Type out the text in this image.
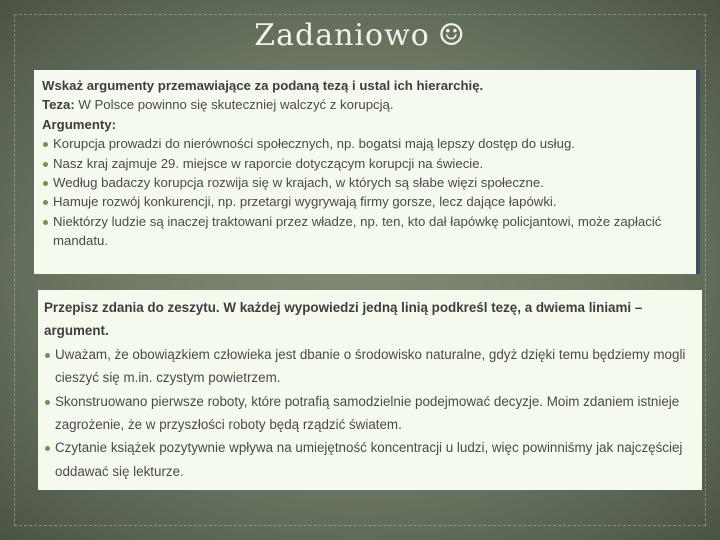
Zadaniowo ☺
Wskaż argumenty przemawiające za podaną tezą i ustal ich hierarchię.
Teza: W Polsce powinno się skuteczniej walczyć z korupcją.
Argumenty:
Korupcja prowadzi do nierówności społecznych, np. bogatsi mają lepszy dostęp do usług.
Nasz kraj zajmuje 29. miejsce w raporcie dotyczącym korupcji na świecie.
Według badaczy korupcja rozwija się w krajach, w których są słabe więzi społeczne.
Hamuje rozwój konkurencji, np. przetargi wygrywają firmy gorsze, lecz dające łapówki.
Niektórzy ludzie są inaczej traktowani przez władze, np. ten, kto dał łapówkę policjantowi, może zapłacić mandatu.
Przepisz zdania do zeszytu. W każdej wypowiedzi jedną linią podkreśl tezę, a dwiema liniami – argument.
Uważam, że obowiązkiem człowieka jest dbanie o środowisko naturalne, gdyż dzięki temu będziemy mogli cieszyć się m.in. czystym powietrzem.
Skonstruowano pierwsze roboty, które potrafią samodzielnie podejmować decyzje. Moim zdaniem istnieje zagrożenie, że w przyszłości roboty będą rządzić światem.
Czytanie książek pozytywnie wpływa na umiejętność koncentracji u ludzi, więc powinniśmy jak najczęściej oddawać się lekturze.
